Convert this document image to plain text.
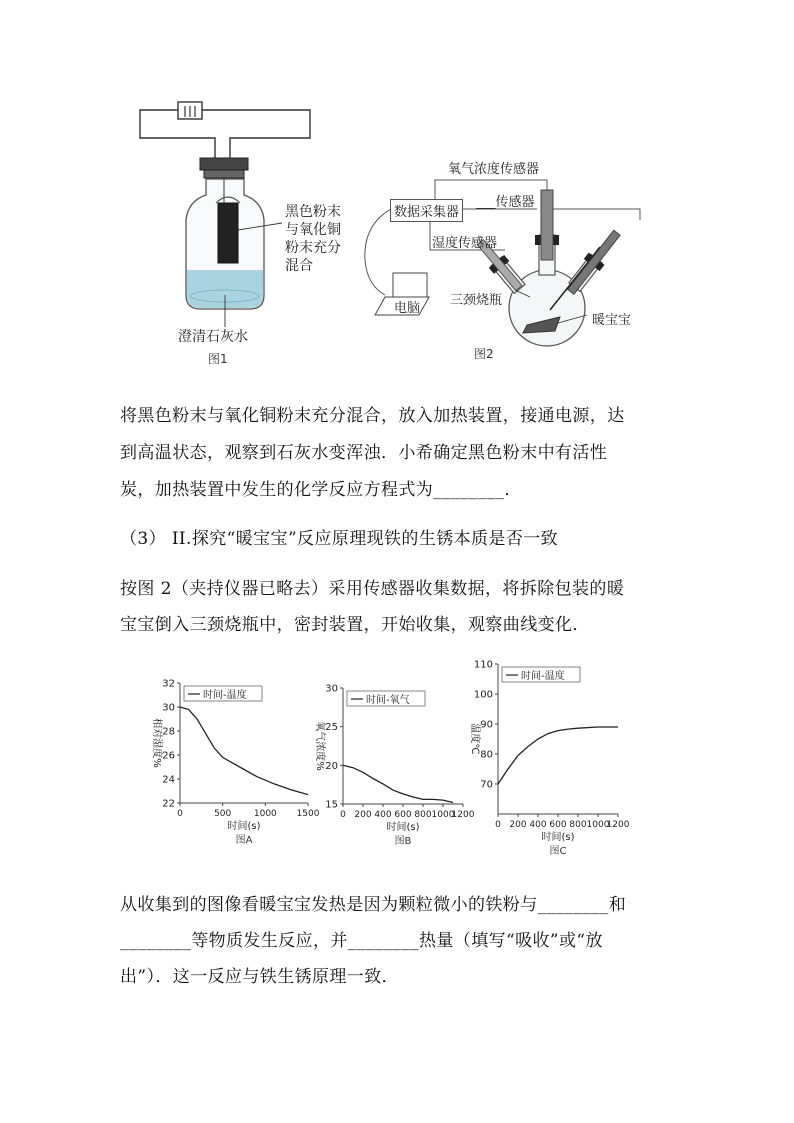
黑色粉末
与氧化铜
粉末充分
混合
澄清石灰水
图1
氧气浓度传感器
数据采集器
___传感器
湿度传感器
电脑
三颈烧瓶
暖宝宝
图2
将黑色粉末与氧化铜粉末充分混合，放入加热装置，接通电源，达
到高温状态，观察到石灰水变浑浊．小希确定黑色粉末中有活性
炭，加热装置中发生的化学反应方程式为________．
（3） II.探究“暖宝宝”反应原理现铁的生锈本质是否一致
按图 2（夹持仪器已略去）采用传感器收集数据，将拆除包装的暖
宝宝倒入三颈烧瓶中，密封装置，开始收集，观察曲线变化．
22
24
26
28
30
32
0	500	1000 1500
时间-温度
时间(s)
图A
相对湿度%
15
20
25
30
0 200 400 600 800 1000
1200
时间-氧气
时间(s)
图B
氧气浓度%
70
80
90
100
110
0 200 400 600 800 1000
1200
时间-温度
时间(s)
图C
温度℃
从收集到的图像看暖宝宝发热是因为颗粒微小的铁粉与________和
________等物质发生反应，并________热量（填写“吸收”或“放
出”）．这一反应与铁生锈原理一致．
